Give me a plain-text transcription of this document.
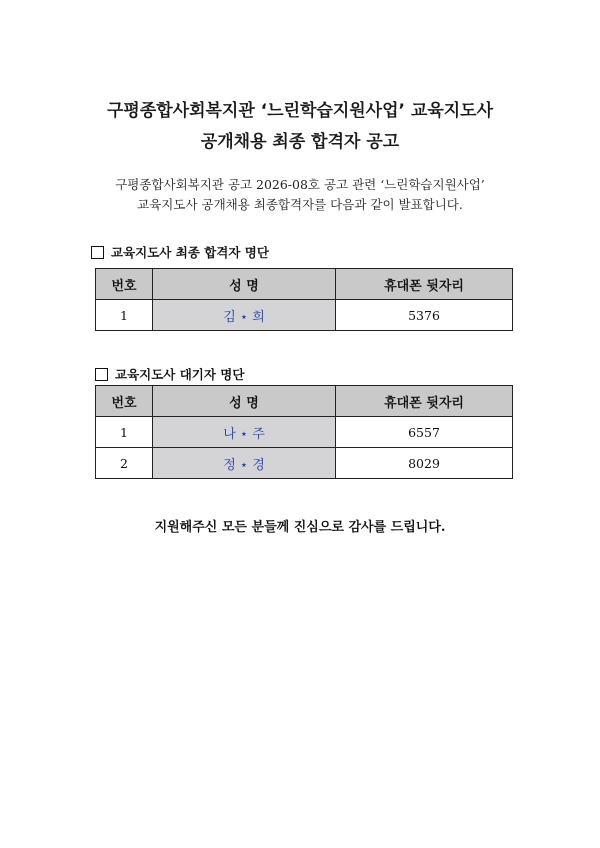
구평종합사회복지관 ‘느린학습지원사업’ 교육지도사
공개채용 최종 합격자 공고
구평종합사회복지관 공고 2026-08호 공고 관련 ‘느린학습지원사업’
교육지도사 공개채용 최종합격자를 다음과 같이 발표합니다.
교육지도사 최종 합격자 명단
번호	성 명	휴대폰 뒷자리
1	김 ⋆ 희	5376
교육지도사 대기자 명단
번호	성 명	휴대폰 뒷자리
1	나 ⋆ 주	6557
2	정 ⋆ 경	8029
지원해주신 모든 분들께 진심으로 감사를 드립니다.
